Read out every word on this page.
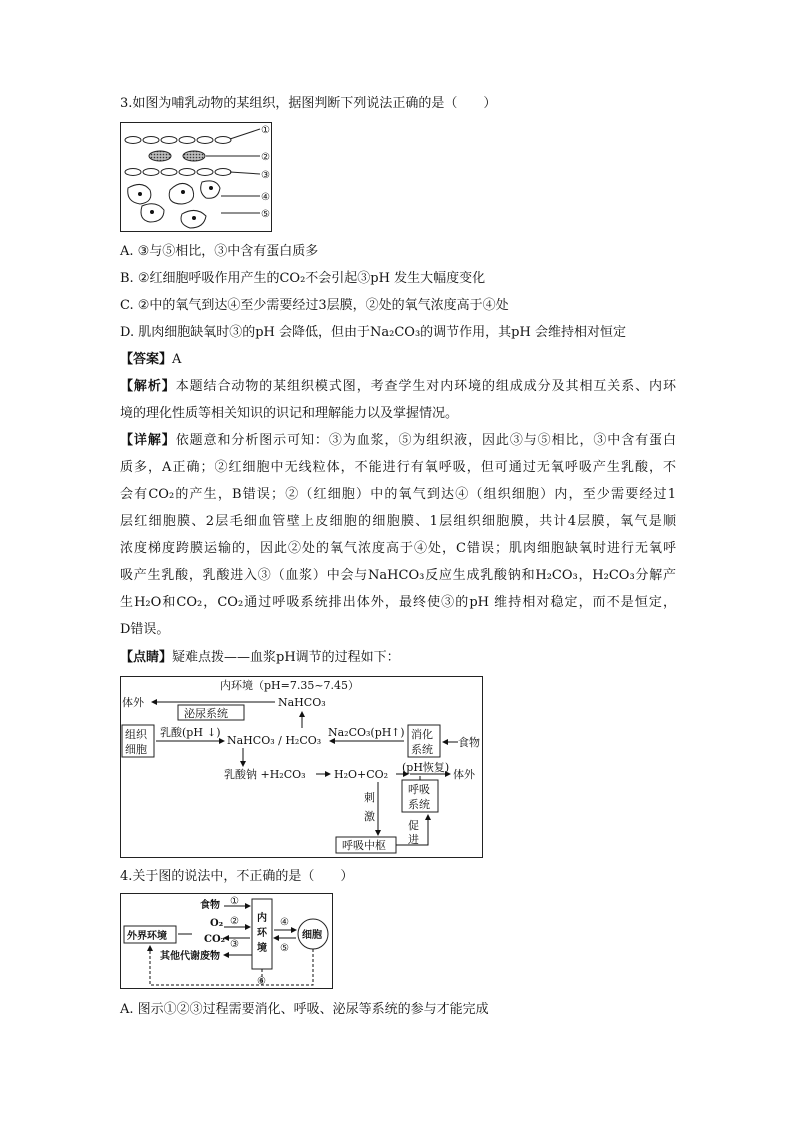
3.如图为哺乳动物的某组织，据图判断下列说法正确的是（　　）
①
②
③
④
⑤
A. ③与⑤相比，③中含有蛋白质多
B. ②红细胞呼吸作用产生的CO₂不会引起③pH 发生大幅度变化
C. ②中的氧气到达④至少需要经过3层膜，②处的氧气浓度高于④处
D. 肌肉细胞缺氧时③的pH 会降低，但由于Na₂CO₃的调节作用，其pH 会维持相对恒定
【答案】A
【解析】本题结合动物的某组织模式图，考查学生对内环境的组成成分及其相互关系、内环
境的理化性质等相关知识的识记和理解能力以及掌握情况。
【详解】依题意和分析图示可知：③为血浆，⑤为组织液，因此③与⑤相比，③中含有蛋白
质多，A正确；②红细胞中无线粒体，不能进行有氧呼吸，但可通过无氧呼吸产生乳酸，不
会有CO₂的产生，B错误；②（红细胞）中的氧气到达④（组织细胞）内，至少需要经过1
层红细胞膜、2层毛细血管壁上皮细胞的细胞膜、1层组织细胞膜，共计4层膜，氧气是顺
浓度梯度跨膜运输的，因此②处的氧气浓度高于④处，C错误；肌肉细胞缺氧时进行无氧呼
吸产生乳酸，乳酸进入③（血浆）中会与NaHCO₃反应生成乳酸钠和H₂CO₃，H₂CO₃分解产
生H₂O和CO₂，CO₂通过呼吸系统排出体外，最终使③的pH 维持相对稳定，而不是恒定，
D错误。
【点睛】疑难点拨——血浆pH调节的过程如下：
内环境（pH=7.35~7.45）
体外
泌尿系统
NaHCO₃
组织
细胞
乳酸(pH ↓)
NaHCO₃ / H₂CO₃
Na₂CO₃(pH ↑) 消化
系统
食物
乳酸钠 +H₂CO₃	H₂O+CO₂
(pH恢复)
体外
刺
激
呼吸
系统
呼吸中枢
促
进
4.关于图的说法中，不正确的是（　　）
外界环境
食物 ①
O₂ ②
CO₂ ③
其他代谢废物
内
环
境
④
⑤
细胞
⑥
A. 图示①②③过程需要消化、呼吸、泌尿等系统的参与才能完成
